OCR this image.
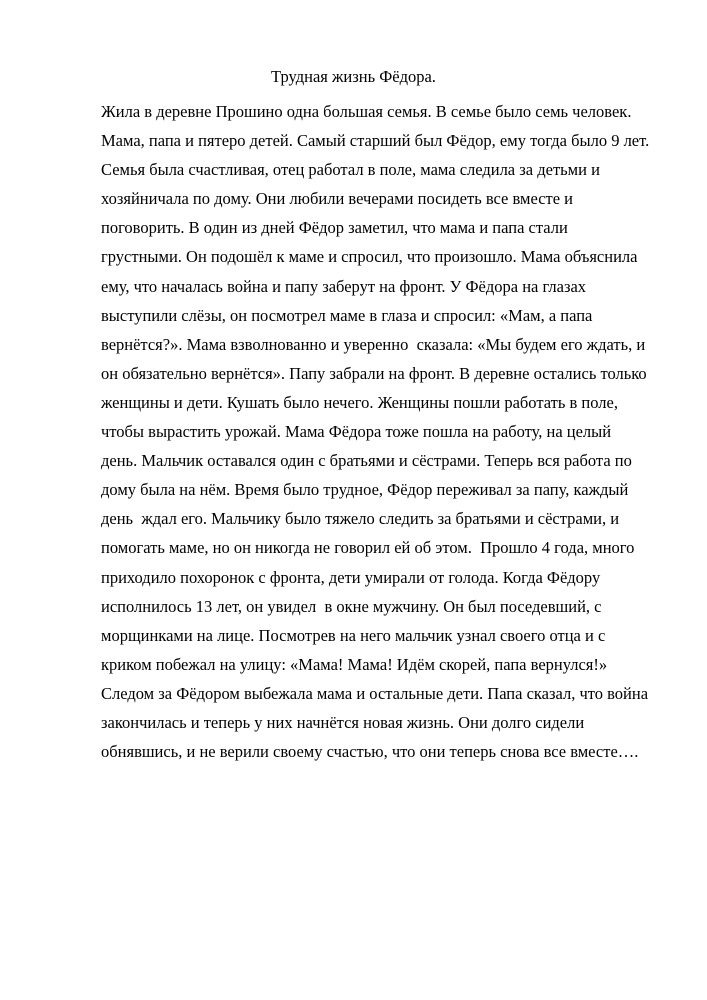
Трудная жизнь Фёдора.
Жила в деревне Прошино одна большая семья. В семье было семь человек.
Мама, папа и пятеро детей. Самый старший был Фёдор, ему тогда было 9 лет.
Семья была счастливая, отец работал в поле, мама следила за детьми и
хозяйничала по дому. Они любили вечерами посидеть все вместе и
поговорить. В один из дней Фёдор заметил, что мама и папа стали
грустными. Он подошёл к маме и спросил, что произошло. Мама объяснила
ему, что началась война и папу заберут на фронт. У Фёдора на глазах
выступили слёзы, он посмотрел маме в глаза и спросил: «Мам, а папа
вернётся?». Мама взволнованно и уверенно  сказала: «Мы будем его ждать, и
он обязательно вернётся». Папу забрали на фронт. В деревне остались только
женщины и дети. Кушать было нечего. Женщины пошли работать в поле,
чтобы вырастить урожай. Мама Фёдора тоже пошла на работу, на целый
день. Мальчик оставался один с братьями и сёстрами. Теперь вся работа по
дому была на нём. Время было трудное, Фёдор переживал за папу, каждый
день  ждал его. Мальчику было тяжело следить за братьями и сёстрами, и
помогать маме, но он никогда не говорил ей об этом.  Прошло 4 года, много
приходило похоронок с фронта, дети умирали от голода. Когда Фёдору
исполнилось 13 лет, он увидел  в окне мужчину. Он был поседевший, с
морщинками на лице. Посмотрев на него мальчик узнал своего отца и с
криком побежал на улицу: «Мама! Мама! Идём скорей, папа вернулся!»
Следом за Фёдором выбежала мама и остальные дети. Папа сказал, что война
закончилась и теперь у них начнётся новая жизнь. Они долго сидели
обнявшись, и не верили своему счастью, что они теперь снова все вместе….
